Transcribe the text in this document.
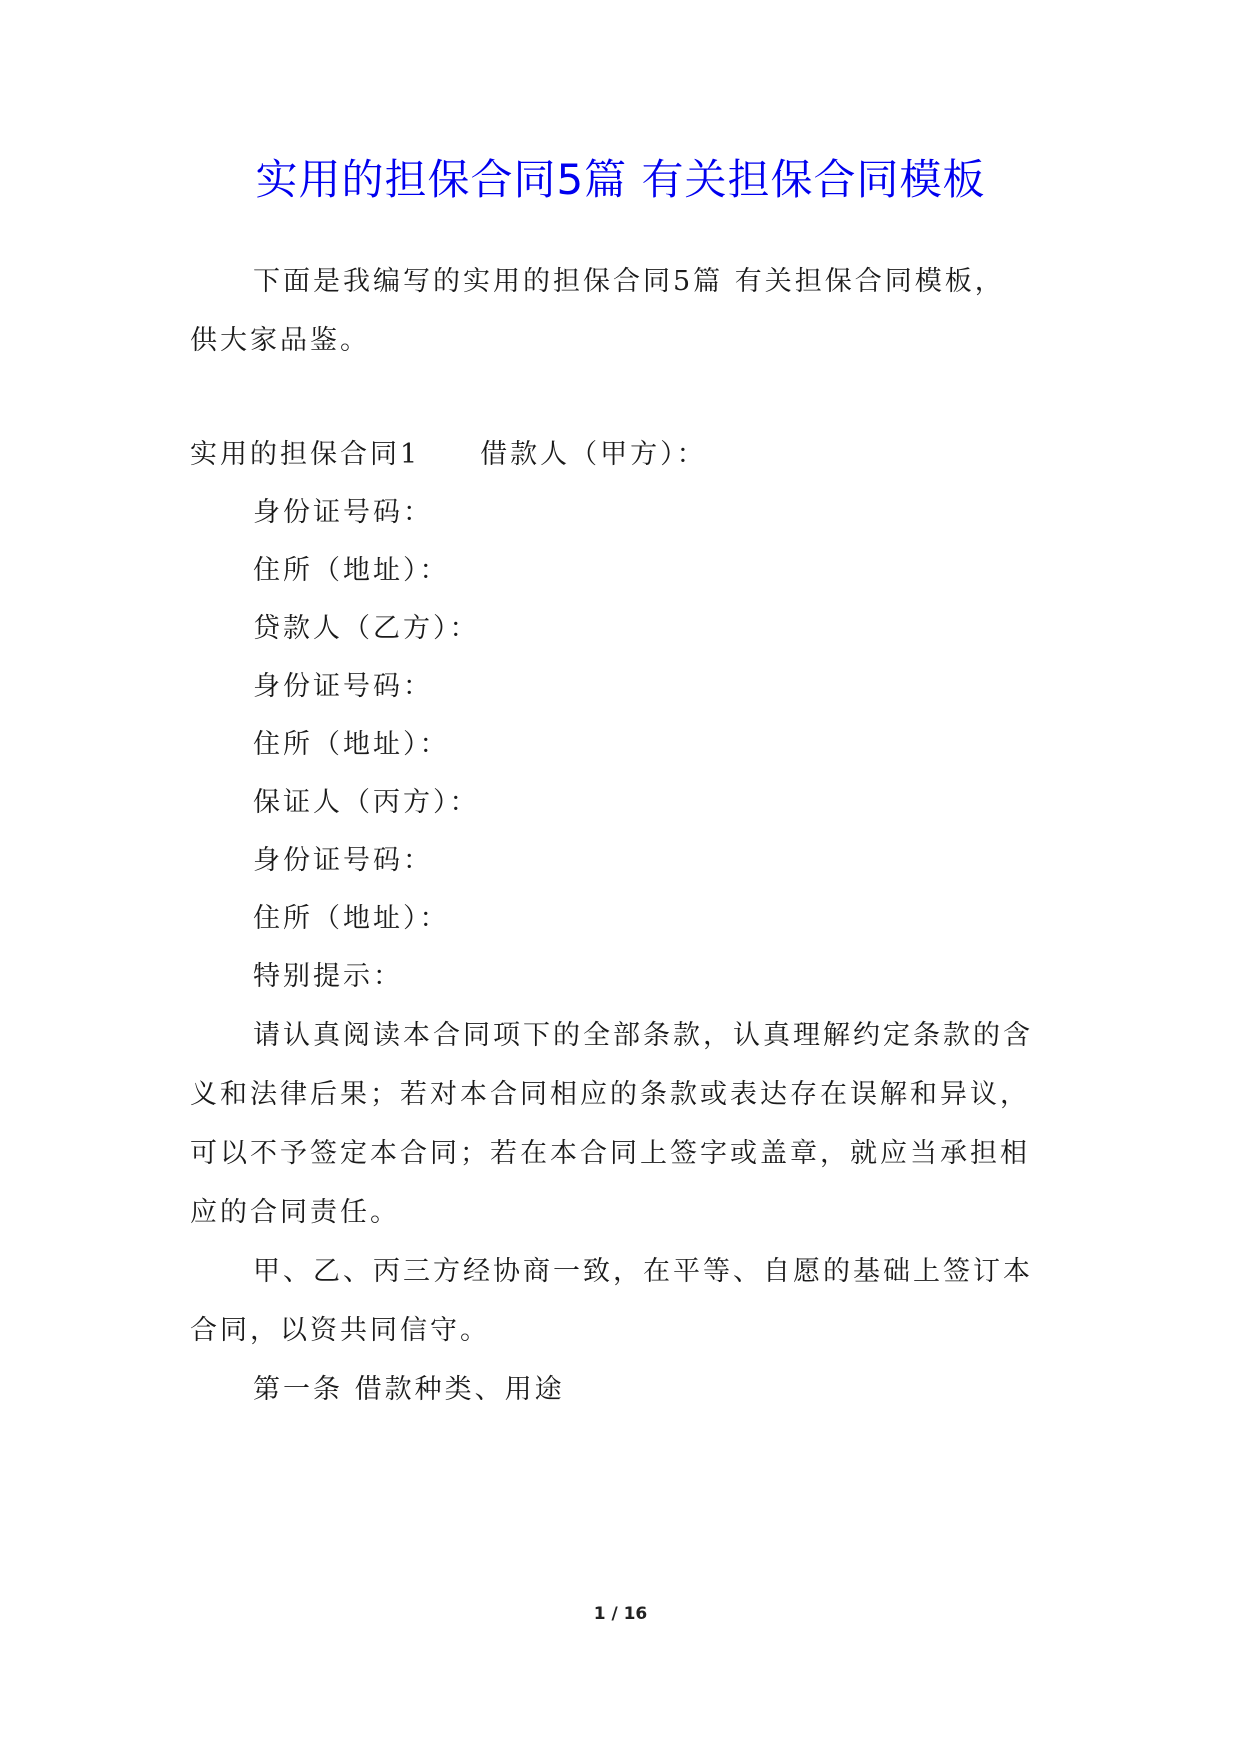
实用的担保合同5篇 有关担保合同模板
下面是我编写的实用的担保合同5篇 有关担保合同模板，
供大家品鉴。
实用的担保合同1　　借款人（甲方）：
身份证号码：
住所（地址）：
贷款人（乙方）：
身份证号码：
住所（地址）：
保证人（丙方）：
身份证号码：
住所（地址）：
特别提示：
请认真阅读本合同项下的全部条款，认真理解约定条款的含
义和法律后果；若对本合同相应的条款或表达存在误解和异议，
可以不予签定本合同；若在本合同上签字或盖章，就应当承担相
应的合同责任。
甲、乙、丙三方经协商一致，在平等、自愿的基础上签订本
合同，以资共同信守。
第一条 借款种类、用途
1 / 16
